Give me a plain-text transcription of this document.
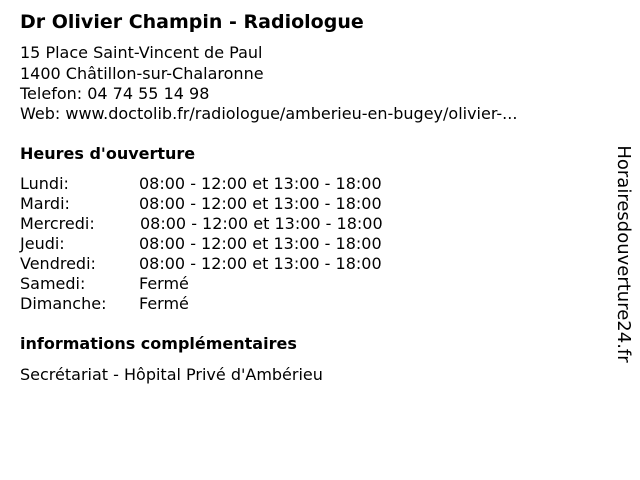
Dr Olivier Champin - Radiologue
15 Place Saint-Vincent de Paul
1400 Châtillon-sur-Chalaronne
Telefon: 04 74 55 14 98
Web: www.doctolib.fr/radiologue/amberieu-en-bugey/olivier-...
Heures d'ouverture
Lundi:	08:00 - 12:00 et 13:00 - 18:00
Mardi:	08:00 - 12:00 et 13:00 - 18:00
Mercredi:	08:00 - 12:00 et 13:00 - 18:00
Jeudi:	08:00 - 12:00 et 13:00 - 18:00
Vendredi:	08:00 - 12:00 et 13:00 - 18:00
Samedi:	Fermé
Dimanche: Fermé
informations complémentaires
Secrétariat - Hôpital Privé d'Ambérieu
Horairesdouverture24.fr
